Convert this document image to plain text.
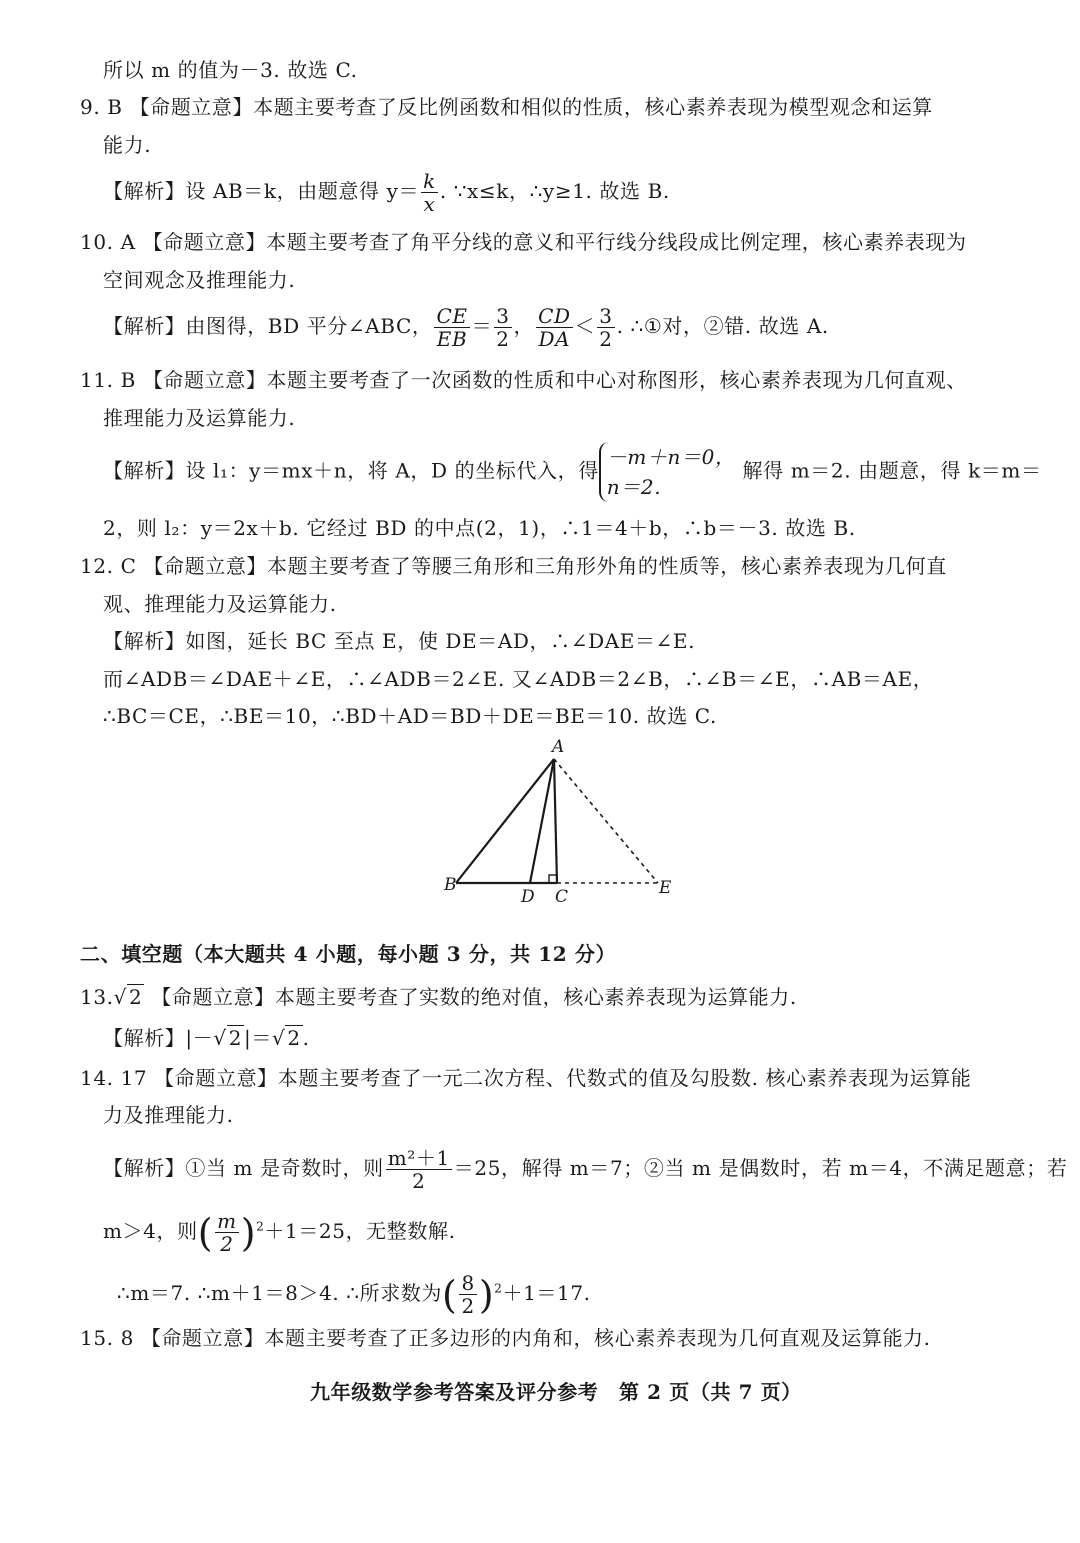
所以 m 的值为－3. 故选 C.
9. B 【命题立意】本题主要考查了反比例函数和相似的性质，核心素养表现为模型观念和运算
能力.
【解析】设 AB＝k，由题意得 $y= \frac{k}{x}$ . ∵x≤k，∴y≥1. 故选 B.
10. A 【命题立意】本题主要考查了角平分线的意义和平行线分线段成比例定理，核心素养表现为
空间观念及推理能力.
【解析】由图得，BD 平分∠ABC， $\frac{CE}{EB} = \frac{3}{2}$ ， $\frac{CD}{DA} < \frac{3}{2}$ . ∴①对，②错. 故选 A.
11. B 【命题立意】本题主要考查了一次函数的性质和中心对称图形，核心素养表现为几何直观、
推理能力及运算能力.
【解析】设 l₁：y＝mx＋n，将 A，D 的坐标代入，得
－m＋n＝0，
n＝2.
解得 m＝2. 由题意，得 k＝m＝
2，则 l₂：y＝2x＋b. 它经过 BD 的中点(2，1)，∴1＝4＋b，∴b＝－3. 故选 B.
12. C 【命题立意】本题主要考查了等腰三角形和三角形外角的性质等，核心素养表现为几何直
观、推理能力及运算能力.
【解析】如图，延长 BC 至点 E，使 DE＝AD，∴∠DAE＝∠E.
而∠ADB＝∠DAE＋∠E，∴∠ADB＝2∠E. 又∠ADB＝2∠B，∴∠B＝∠E，∴AB＝AE，
∴BC＝CE，∴BE＝10，∴BD＋AD＝BD＋DE＝BE＝10. 故选 C.
A
B
D C	E
二、填空题（本大题共 4 小题，每小题 3 分，共 12 分）
13.√ 2 【命题立意】本题主要考查了实数的绝对值，核心素养表现为运算能力.
【解析】|－√ 2 |＝√ 2 .
14. 17 【命题立意】本题主要考查了一元二次方程、代数式的值及勾股数. 核心素养表现为运算能
力及推理能力.
【解析】①当 m 是奇数时，则 $\frac{\text{m²＋1}}{2} =25$，解得 m＝7；②当 m 是偶数时，若 m＝4，不满足题意；若
m＞4，则( $\frac{m}{2} )^2+1=25$，无整数解.
∴m＝7. ∴m＋1＝8＞4. ∴所求数为( $\frac{8}{2} )^2+1=17$.
15. 8 【命题立意】本题主要考查了正多边形的内角和，核心素养表现为几何直观及运算能力.
九年级数学参考答案及评分参考　第 2 页（共 7 页）
